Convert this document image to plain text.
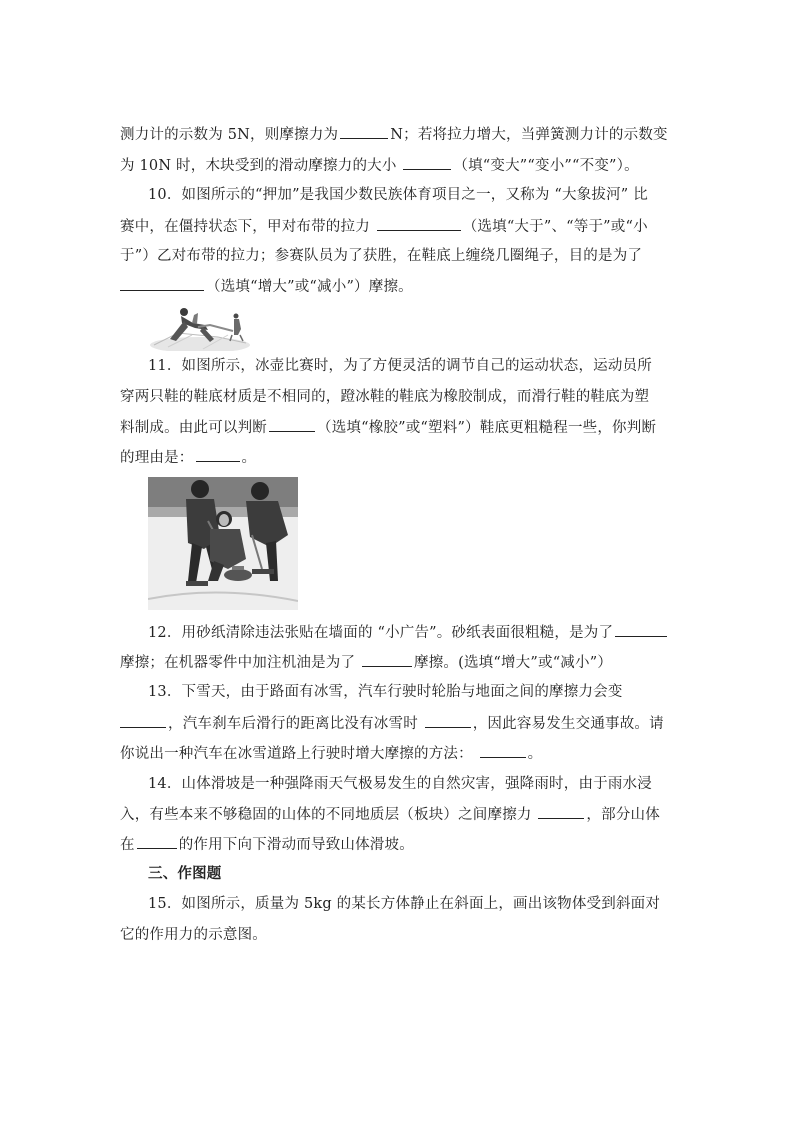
测力计的示数为 5N，则摩擦力为	N；若将拉力增大，当弹簧测力计的示数变
为 10N 时，木块受到的滑动摩擦力的大小	（填“变大”“变小”“不变”）。
10．如图所示的“押加”是我国少数民族体育项目之一，又称为 “大象拔河” 比
赛中，在僵持状态下，甲对布带的拉力	（选填“大于”、“等于”或“小
于”）乙对布带的拉力；参赛队员为了获胜，在鞋底上缠绕几圈绳子，目的是为了
（选填“增大”或“减小”）摩擦。
11．如图所示，冰壶比赛时，为了方便灵活的调节自己的运动状态，运动员所
穿两只鞋的鞋底材质是不相同的，蹬冰鞋的鞋底为橡胶制成，而滑行鞋的鞋底为塑
料制成。由此可以判断	（选填“橡胶”或“塑料”）鞋底更粗糙程一些，你判断
的理由是：	。
12．用砂纸清除违法张贴在墙面的 “小广告”。砂纸表面很粗糙，是为了
摩擦；在机器零件中加注机油是为了	摩擦。(选填“增大”或“减小”）
13．下雪天，由于路面有冰雪，汽车行驶时轮胎与地面之间的摩擦力会变
，汽车刹车后滑行的距离比没有冰雪时	，因此容易发生交通事故。请
你说出一种汽车在冰雪道路上行驶时增大摩擦的方法：	。
14．山体滑坡是一种强降雨天气极易发生的自然灾害，强降雨时，由于雨水浸
入，有些本来不够稳固的山体的不同地质层（板块）之间摩擦力	，部分山体
在	的作用下向下滑动而导致山体滑坡。
三、作图题
15．如图所示，质量为 5kg 的某长方体静止在斜面上，画出该物体受到斜面对
它的作用力的示意图。
